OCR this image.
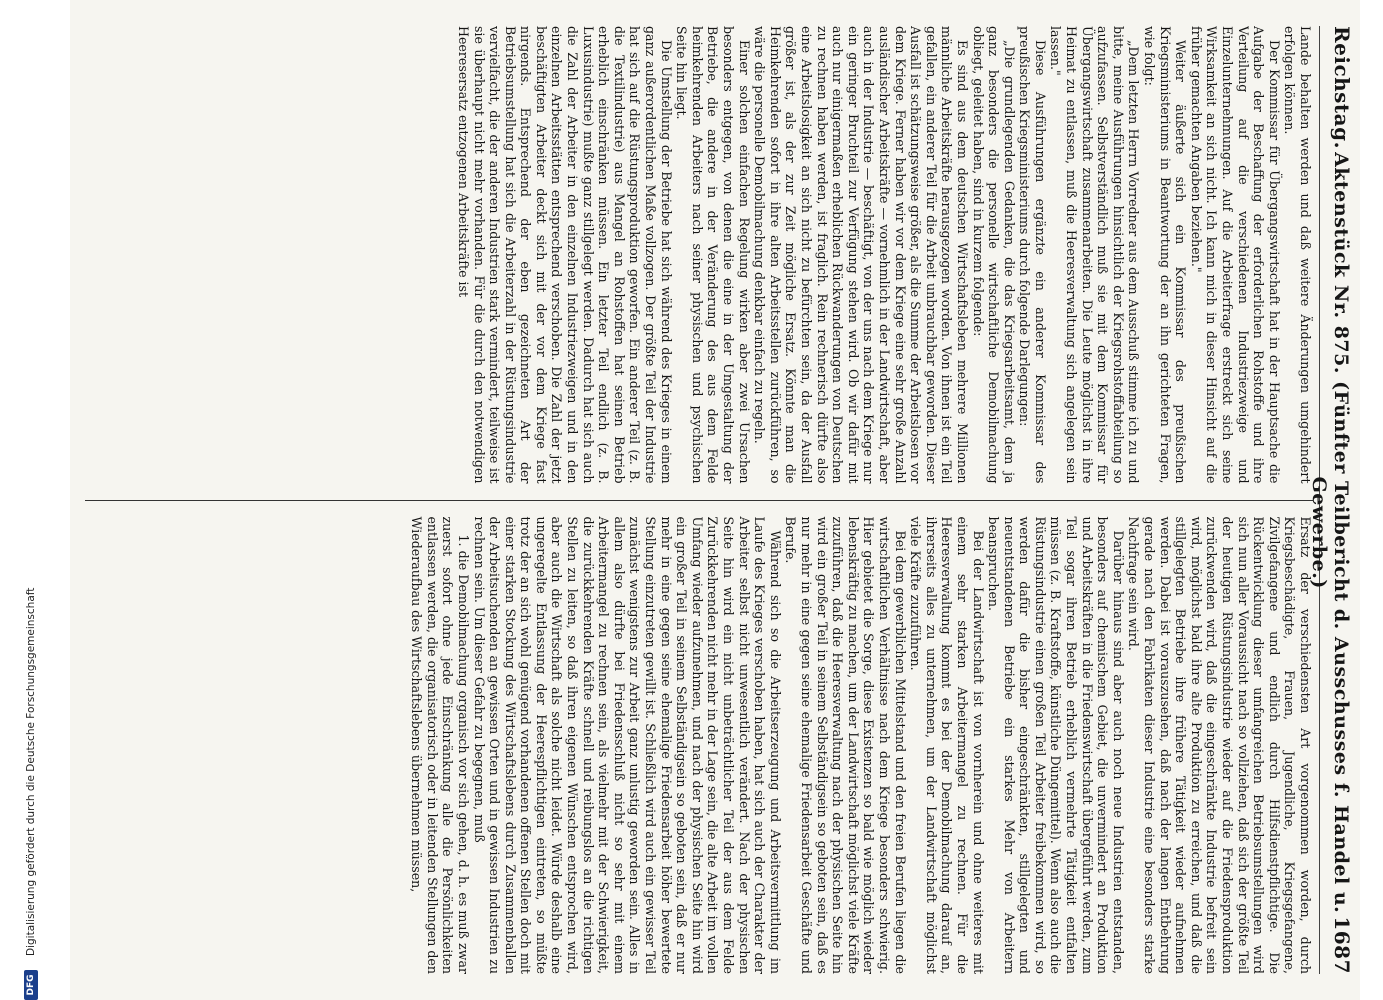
Reichstag.
Aktenstück Nr. 875. (Fünfter Teilbericht d. Ausschusses f. Handel u. Gewerbe.)
1687

Lande behalten werden und daß weitere Änderungen umgehindert erfolgen können.

Der Kommissar für Übergangswirtschaft hat in der Hauptsache die Aufgabe der Beschaffung der erforderlichen Rohstoffe und ihre Verteilung auf die verschiedenen Industriezweige und Einzelunternehmungen. Auf die Arbeiterfrage erstreckt sich seine Wirksamkeit an sich nicht. Ich kann mich in dieser Hinsicht auf die früher gemachten Angaben beziehen."

Weiter äußerte sich ein Kommissar des preußischen Kriegsministeriums in Beantwortung der an ihn gerichteten Fragen, wie folgt:

„Dem letzten Herrn Vorredner aus dem Ausschuß stimme ich zu und bitte, meine Ausführungen hinsichtlich der Kriegsrohstoffabteilung so aufzufassen. Selbstverständlich muß sie mit dem Kommissar für Übergangswirtschaft zusammenarbeiten. Die Leute möglichst in ihre Heimat zu entlassen, muß die Heeresverwaltung sich angelegen sein lassen."

Diese Ausführungen ergänzte ein anderer Kommissar des preußischen Kriegsministeriums durch folgende Darlegungen:

„Die grundlegenden Gedanken, die das Kriegsarbeitsamt, dem ja ganz besonders die personelle wirtschaftliche Demobilmachung obliegt, geleitet haben, sind in kurzem folgende:

Es sind aus dem deutschen Wirtschaftsleben mehrere Millionen männliche Arbeitskräfte herausgezogen worden. Von ihnen ist ein Teil gefallen, ein anderer Teil für die Arbeit unbrauchbar geworden. Dieser Ausfall ist schätzungsweise größer, als die Summe der Arbeitslosen vor dem Kriege. Ferner haben wir vor dem Kriege eine sehr große Anzahl ausländischer Arbeitskräfte — vornehmlich in der Landwirtschaft, aber auch in der Industrie — beschäftigt, von der uns nach dem Kriege nur ein geringer Bruchteil zur Verfügung stehen wird. Ob wir dafür mit auch nur einigermaßen erheblichen Rückwanderungen von Deutschen zu rechnen haben werden, ist fraglich. Rein rechnerisch dürfte also eine Arbeitslosigkeit an sich nicht zu befürchten sein, da der Ausfall größer ist, als der zur Zeit mögliche Ersatz. Könnte man die Heimkehrenden sofort in ihre alten Arbeitsstellen zurückführen, so wäre die personelle Demobilmachung denkbar einfach zu regeln.

Einer solchen einfachen Regelung wirken aber zwei Ursachen besonders entgegen, von denen die eine in der Umgestaltung der Betriebe, die andere in der Veränderung des aus dem Felde heimkehrenden Arbeiters nach seiner physischen und psychischen Seite hin liegt.

Die Umstellung der Betriebe hat sich während des Krieges in einem ganz außerordentlichen Maße vollzogen. Der größte Teil der Industrie hat sich auf die Rüstungsproduktion geworfen. Ein anderer Teil (z. B. die Textilindustrie) aus Mangel an Rohstoffen hat seinen Betrieb erheblich einschränken müssen. Ein letzter Teil endlich (z. B. Luxusindustrie) mußte ganz stillgelegt werden. Dadurch hat sich auch die Zahl der Arbeiter in den einzelnen Industriezweigen und in den einzelnen Arbeitsstätten entsprechend verschoben. Die Zahl der jetzt beschäftigten Arbeiter deckt sich mit der vor dem Kriege fast nirgends. Entsprechend der eben gezeichneten Art der Betriebsumstellung hat sich die Arbeiterzahl in der Rüstungsindustrie vervielfacht, die der anderen Industrien stark vermindert, teilweise ist sie überhaupt nicht mehr vorhanden. Für die durch den notwendigen Heeresersatz entzogenen Arbeitskräfte ist

Ersatz der verschiedensten Art vorgenommen worden, durch Kriegsbeschädigte, Frauen, Jugendliche, Kriegsgefangene, Zivilgefangene und endlich durch Hilfsdienstpflichtige. Die Rückentwicklung dieser umfangreichen Betriebsumstellungen wird sich nun aller Voraussicht nach so vollziehen, daß sich der größte Teil der heutigen Rüstungsindustrie wieder auf die Friedensproduktion zurückwenden wird, daß die eingeschränkte Industrie befreit sein wird, möglichst bald ihre alte Produktion zu erreichen, und daß die stillgelegten Betriebe ihre frühere Tätigkeit wieder aufnehmen werden. Dabei ist vorauszusehen, daß nach der langen Entbehrung gerade nach den Fabrikaten dieser Industrie eine besonders starke Nachfrage sein wird.

Darüber hinaus sind aber auch noch neue Industrien entstanden, besonders auf chemischem Gebiet, die unvermindert an Produktion und Arbeitskräften in die Friedenswirtschaft übergeführt werden, zum Teil sogar ihren Betrieb erheblich vermehrte Tätigkeit entfalten müssen (z. B. Kraftstoffe, künstliche Düngemittel). Wenn also auch die Rüstungsindustrie einen großen Teil Arbeiter freibekommen wird, so werden dafür die bisher eingeschränkten, stillgelegten und neuentstandenen Betriebe ein starkes Mehr von Arbeitern beanspruchen.

Bei der Landwirtschaft ist von vornherein und ohne weiteres mit einem sehr starken Arbeitermangel zu rechnen. Für die Heeresverwaltung kommt es bei der Demobilmachung darauf an, ihrerseits alles zu unternehmen, um der Landwirtschaft möglichst viele Kräfte zuzuführen.

Bei dem gewerblichen Mittelstand und den freien Berufen liegen die wirtschaftlichen Verhältnisse nach dem Kriege besonders schwierig. Hier gebietet die Sorge, diese Existenzen so bald wie möglich wieder lebenskräftig zu machen, um der Landwirtschaft möglichst viele Kräfte zuzuführen, daß die Heeresverwaltung nach der physischen Seite hin wird ein großer Teil in seinem Selbständigsein so geboten sein, daß es nur mehr in eine gegen seine ehemalige Friedensarbeit Geschäfte und Berufe.

Während sich so die Arbeitserzeugung und Arbeitsvermittlung im Laufe des Krieges verschoben haben, hat sich auch der Charakter der Arbeiter selbst nicht unwesentlich verändert. Nach der physischen Seite hin wird ein nicht unbeträchtlicher Teil der aus dem Felde Zurückkehrenden nicht mehr in der Lage sein, die alte Arbeit im vollen Umfang wieder aufzunehmen, und nach der physischen Seite hin wird ein großer Teil in seinem Selbständigsein so geboten sein, daß er nur mehr in eine gegen seine ehemalige Friedensarbeit höher bewertete Stellung einzutreten gewillt ist. Schließlich wird auch ein gewisser Teil zunächst wenigstens zur Arbeit ganz unlustig geworden sein. Alles in allem also dürfte bei Friedensschluß nicht so sehr mit einem Arbeitermangel zu rechnen sein, als vielmehr mit der Schwierigkeit, die zurückkehrenden Kräfte schnell und reibungslos an die richtigen Stellen zu leiten, so daß ihren eigenen Wünschen entsprochen wird, aber auch die Wirtschaft als solche nicht leidet. Würde deshalb eine ungeregelte Entlassung der Heerespflichtigen eintreten, so müßte trotz der an sich wohl genügend vorhandenen offenen Stellen doch mit einer starken Stockung des Wirtschaftslebens durch Zusammenballen der Arbeitsuchenden an gewissen Orten und in gewissen Industrien zu rechnen sein. Um dieser Gefahr zu begegnen, muß

1. die Demobilmachung organisch vor sich gehen, d. h. es muß zwar zuerst sofort ohne jede Einschränkung alle die Persönlichkeiten entlassen werden, die organisatorisch oder in leitenden Stellungen den Wiederaufbau des Wirtschaftslebens übernehmen müssen,

DFG
Digitalisierung gefördert durch die Deutsche Forschungsgemeinschaft
